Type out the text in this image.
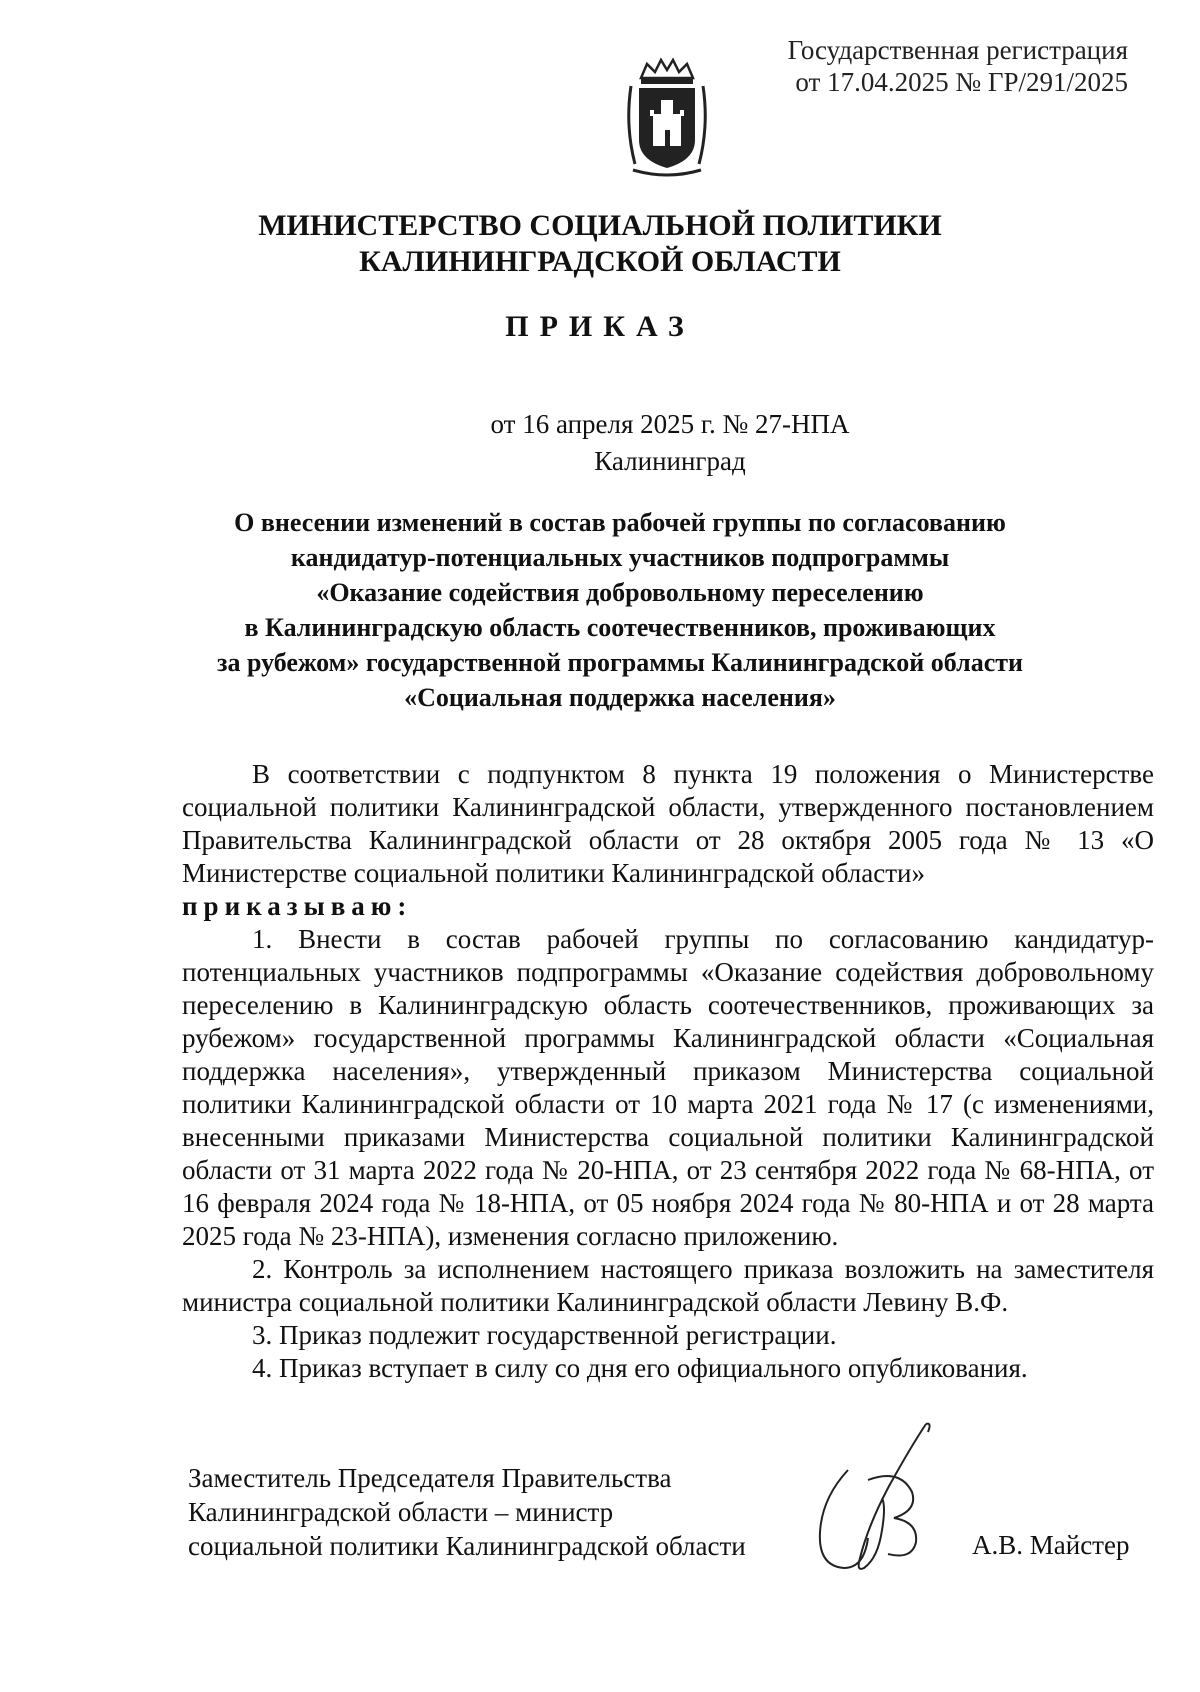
Государственная регистрация
от 17.04.2025 № ГР/291/2025
МИНИСТЕРСТВО СОЦИАЛЬНОЙ ПОЛИТИКИ
КАЛИНИНГРАДСКОЙ ОБЛАСТИ
ПРИКАЗ
от 16 апреля 2025 г. № 27-НПА
Калининград
О внесении изменений в состав рабочей группы по согласованию
кандидатур-потенциальных участников подпрограммы
«Оказание содействия добровольному переселению
в Калининградскую область соотечественников, проживающих
за рубежом» государственной программы Калининградской области
«Социальная поддержка населения»

В соответствии с подпунктом 8 пункта 19 положения о Министерстве социальной политики Калининградской области, утвержденного постановлением Правительства Калининградской области от 28 октября 2005 года № 13 «О Министерстве социальной политики Калининградской области»

приказываю:

1. Внести в состав рабочей группы по согласованию кандидатур-потенциальных участников подпрограммы «Оказание содействия добровольному переселению в Калининградскую область соотечественников, проживающих за рубежом» государственной программы Калининградской области «Социальная поддержка населения», утвержденный приказом Министерства социальной политики Калининградской области от 10 марта 2021 года № 17 (с изменениями, внесенными приказами Министерства социальной политики Калининградской области от 31 марта 2022 года № 20-НПА, от 23 сентября 2022 года № 68-НПА, от 16 февраля 2024 года № 18-НПА, от 05 ноября 2024 года № 80-НПА и от 28 марта 2025 года № 23-НПА), изменения согласно приложению.

2. Контроль за исполнением настоящего приказа возложить на заместителя министра социальной политики Калининградской области Левину В.Ф.

3. Приказ подлежит государственной регистрации.

4. Приказ вступает в силу со дня его официального опубликования.

Заместитель Председателя Правительства
Калининградской области – министр
социальной политики Калининградской области	А.В. Майстер
